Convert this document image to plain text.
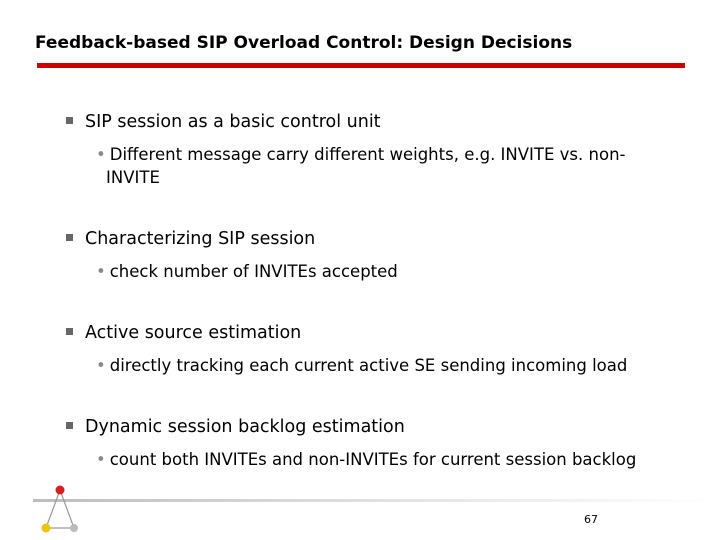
Feedback-based SIP Overload Control: Design Decisions
SIP session as a basic control unit
• Different message carry different weights, e.g. INVITE vs. non-
INVITE
Characterizing SIP session
• check number of INVITEs accepted
Active source estimation
• directly tracking each current active SE sending incoming load
Dynamic session backlog estimation
• count both INVITEs and non-INVITEs for current session backlog
67
